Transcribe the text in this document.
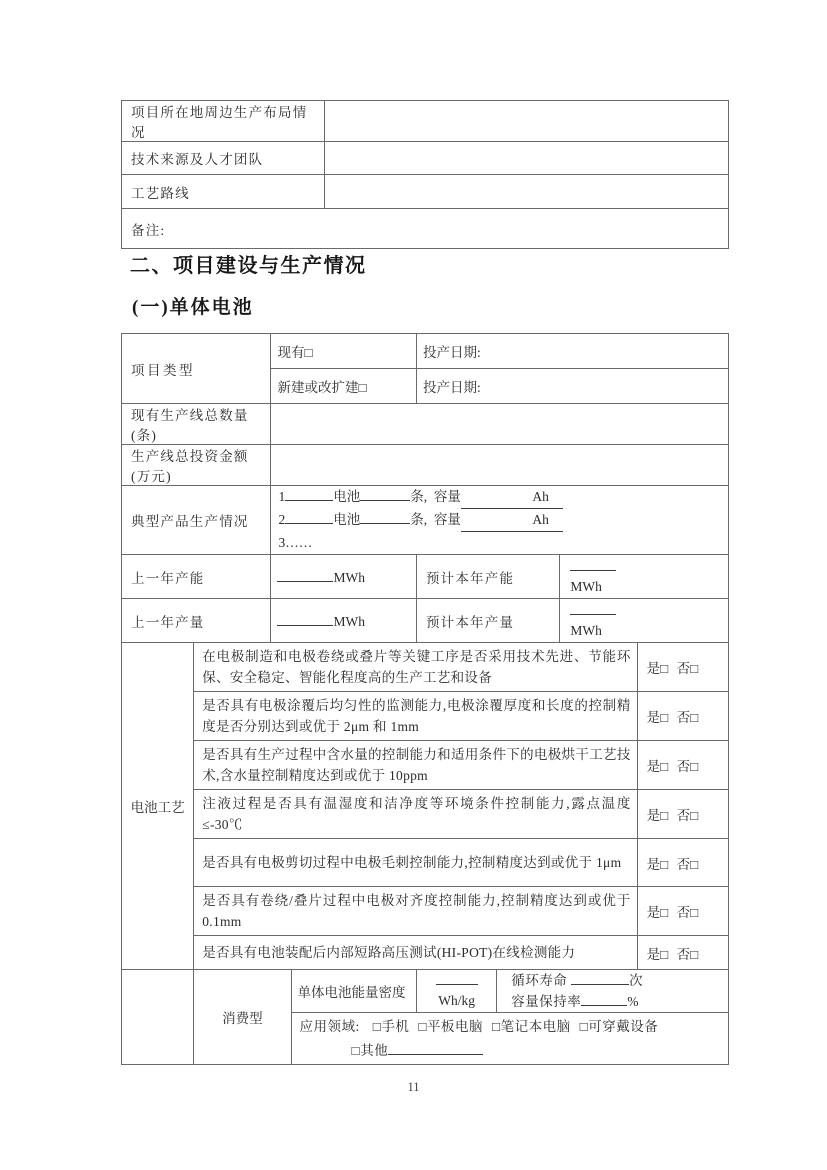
项目所在地周边生产布局情况	
技术来源及人才团队	
工艺路线	
备注:	
二、项目建设与生产情况
(一)单体电池
项目类型		现有□		投产日期:			
		新建或改扩建□		投产日期:			
现有生产线总数量(条)							
生产线总投资金额(万元)							
典型产品生产情况		1 电池 条, 容量 Ah
2 电池 条, 容量 Ah
3……					

上一年产能		MWh		预计本年产能		MWh	
上一年产量		MWh		预计本年产量		MWh	
电池工艺	在电极制造和电极卷绕或叠片等关键工序是否采用技术先进、节能环保、安全稳定、智能化程度高的生产工艺和设备						是□ 否□
	是否具有电极涂覆后均匀性的监测能力,电极涂覆厚度和长度的控制精度是否分别达到或优于 2μm 和 1mm						是□ 否□
	是否具有生产过程中含水量的控制能力和适用条件下的电极烘干工艺技术,含水量控制精度达到或优于 10ppm						是□ 否□
	注液过程是否具有温湿度和洁净度等环境条件控制能力,露点温度≤-30℃						是□ 否□
	是否具有电极剪切过程中电极毛刺控制能力,控制精度达到或优于 1μm						是□ 否□
	是否具有卷绕/叠片过程中电极对齐度控制能力,控制精度达到或优于 0.1mm						是□ 否□
	是否具有电池装配后内部短路高压测试(HI-POT)在线检测能力						是□ 否□
	消费型		单体电池能量密度	Wh/kg	循环寿命 次
容量保持率 %		

			应用领域: □手机 □平板电脑 □笔记本电脑 □可穿戴设备
□其他				
11
